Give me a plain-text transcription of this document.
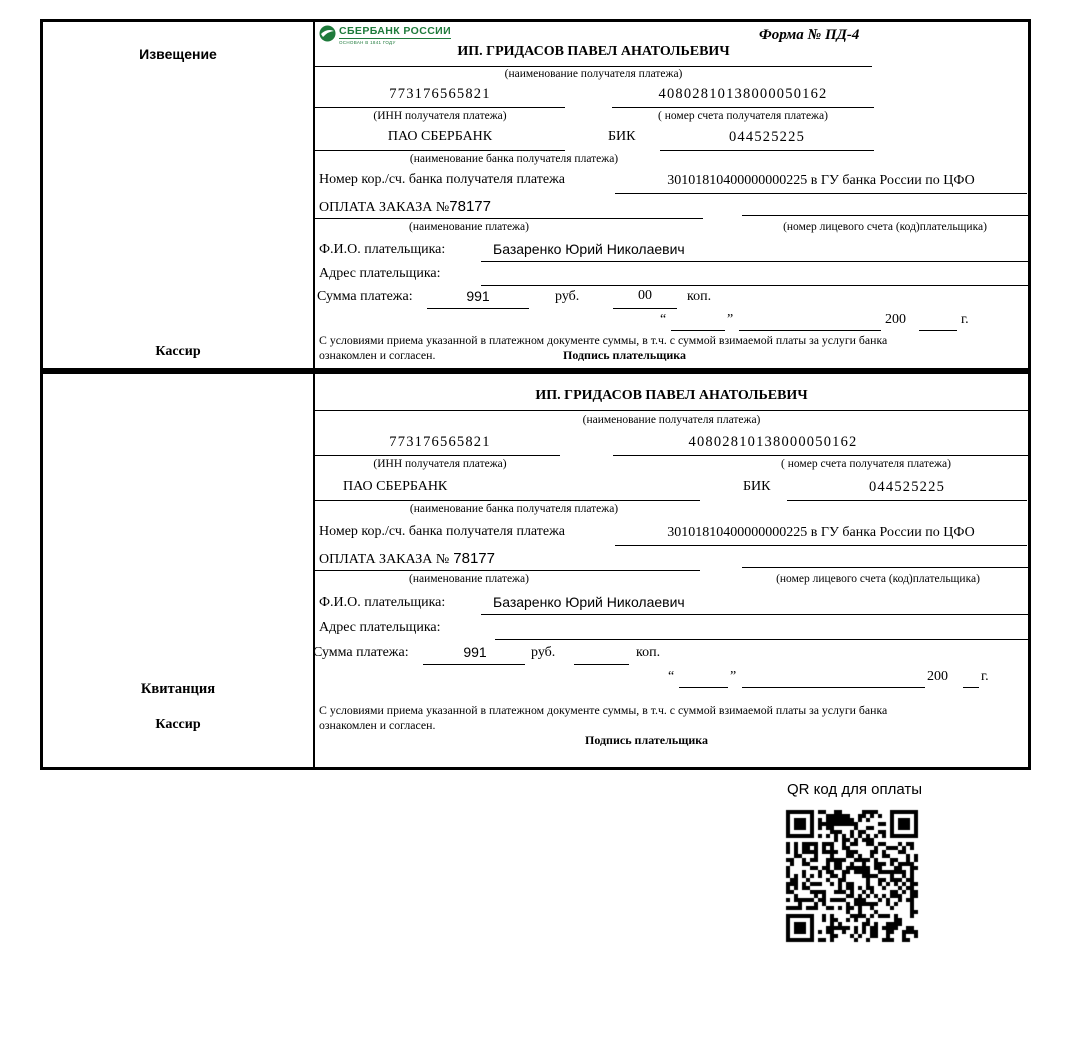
Извещение
Кассир
СБЕРБАНК РОССИИ
ОСНОВАН В 1841 ГОДУ	Форма № ПД-4
ИП. ГРИДАСОВ ПАВЕЛ АНАТОЛЬЕВИЧ
(наименование получателя платежа)
773176565821	40802810138000050162
(ИНН получателя платежа)	( номер счета получателя платежа)
ПАО СБЕРБАНК	БИК	044525225
(наименование банка получателя платежа)
Номер кор./сч. банка получателя платежа	30101810400000000225 в ГУ банка России по ЦФО
ОПЛАТА ЗАКАЗА №78177
(наименование платежа)	(номер лицевого счета (код)плательщика)
Ф.И.О. плательщика:	Базаренко Юрий Николаевич
Адрес плательщика:
Сумма платежа:	991	руб.	00	коп.
“	”	200	г.
С условиями приема указанной в платежном документе суммы, в т.ч. с суммой взимаемой платы за услуги банка
ознакомлен и согласен.	Подпись плательщика
Квитанция
Кассир
ИП. ГРИДАСОВ ПАВЕЛ АНАТОЛЬЕВИЧ
(наименование получателя платежа)
773176565821	40802810138000050162
(ИНН получателя платежа)	( номер счета получателя платежа)
ПАО СБЕРБАНК	БИК	044525225
(наименование банка получателя платежа)
Номер кор./сч. банка получателя платежа	30101810400000000225 в ГУ банка России по ЦФО
ОПЛАТА ЗАКАЗА № 78177
(наименование платежа)	(номер лицевого счета (код)плательщика)
Ф.И.О. плательщика:	Базаренко Юрий Николаевич
Адрес плательщика:
Сумма платежа:	991	руб.	коп.
“	”	200 г.
С условиями приема указанной в платежном документе суммы, в т.ч. с суммой взимаемой платы за услуги банка
ознакомлен и согласен.
Подпись плательщика
QR код для оплаты
